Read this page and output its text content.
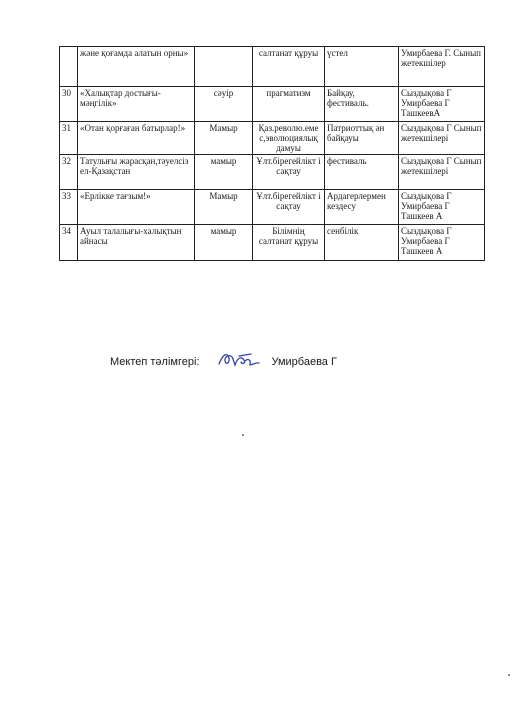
	және қоғамда алатын орны»		салтанат құруы	үстел	Умирбаева Г. Сынып жетекшілер
30	«Халықтар достығы-мәңгілік»	сәуір	прагматизм	Байқау, фестиваль.	Сыздықова Г Умирбаева Г ТашкеевА
31	«Отан қорғаған батырлар!»	Мамыр	Қаз.револю.еме с,эволюциялық дамуы	Патриоттық ән байқауы	Сыздықова Г Сынып жетекшілері
32	Татулығы жарасқан,тәуелсіз ел-Қазақстан	мамыр	Ұлт.бірегейлікт і сақтау	фестиваль	Сыздықова Г Сынып жетекшілері
33	«Ерлікке тағзым!»	Мамыр	Ұлт.бірегейлікт і сақтау	Ардагерлермен кездесу	Сыздықова Г Умирбаева Г Ташкеев А
34	Ауыл талалығы-халықтын айнасы	мамыр	Білімнің салтанат құруы	сенбілік	Сыздықова Г Умирбаева Г Ташкеев А
Мектеп тәлімгері:	Умирбаева Г
